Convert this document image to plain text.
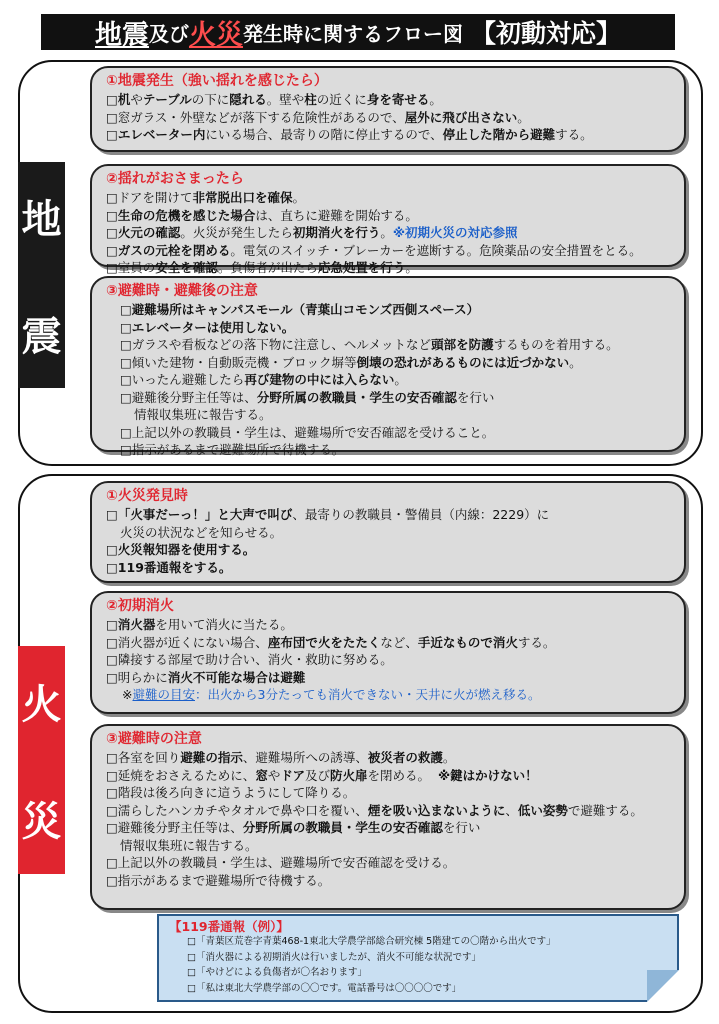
地震 及び 火災 発生時に関するフロー図 【初動対応】
地
震
①地震発生（強い揺れを感じたら）
□机やテーブルの下に隠れる。壁や柱の近くに身を寄せる。
□窓ガラス・外壁などが落下する危険性があるので、屋外に飛び出さない。
□エレベーター内にいる場合、最寄りの階に停止するので、停止した階から避難する。
②揺れがおさまったら
□ドアを開けて非常脱出口を確保。
□生命の危機を感じた場合は、直ちに避難を開始する。
□火元の確認。火災が発生したら初期消火を行う。※初期火災の対応参照
□ガスの元栓を閉める。電気のスイッチ・ブレーカーを遮断する。危険薬品の安全措置をとる。
□室員の安全を確認。負傷者が出たら応急処置を行う。
③避難時・避難後の注意
□避難場所はキャンパスモール（青葉山コモンズ西側スペース）
□エレベーターは使用しない。
□ガラスや看板などの落下物に注意し、ヘルメットなど頭部を防護するものを着用する。
□傾いた建物・自動販売機・ブロック塀等倒壊の恐れがあるものには近づかない。
□いったん避難したら再び建物の中には入らない。
□避難後分野主任等は、分野所属の教職員・学生の安否確認を行い
情報収集班に報告する。
□上記以外の教職員・学生は、避難場所で安否確認を受けること。
□指示があるまで避難場所で待機する。
火
災
①火災発見時
□「火事だーっ！」と大声で叫び、最寄りの教職員・警備員（内線：2229）に
火災の状況などを知らせる。
□火災報知器を使用する。
□119番通報をする。
②初期消火
□消火器を用いて消火に当たる。
□消火器が近くにない場合、座布団で火をたたくなど、手近なもので消火する。
□隣接する部屋で助け合い、消火・救助に努める。
□明らかに消火不可能な場合は避難
※避難の目安：出火から3分たっても消火できない・天井に火が燃え移る。
③避難時の注意
□各室を回り避難の指示、避難場所への誘導、被災者の救護。
□延焼をおさえるために、窓やドア及び防火扉を閉める。 ※鍵はかけない！
□階段は後ろ向きに這うようにして降りる。
□濡らしたハンカチやタオルで鼻や口を覆い、煙を吸い込まないように、低い姿勢で避難する。
□避難後分野主任等は、分野所属の教職員・学生の安否確認を行い
情報収集班に報告する。
□上記以外の教職員・学生は、避難場所で安否確認を受ける。
□指示があるまで避難場所で待機する。
【119番通報（例）】
□「青葉区荒巻字青葉468-1東北大学農学部総合研究棟 5階建ての〇階から出火です」
□「消火器による初期消火は行いましたが、消火不可能な状況です」
□「やけどによる負傷者が〇名おります」
□「私は東北大学農学部の〇〇です。電話番号は〇〇〇〇です」
